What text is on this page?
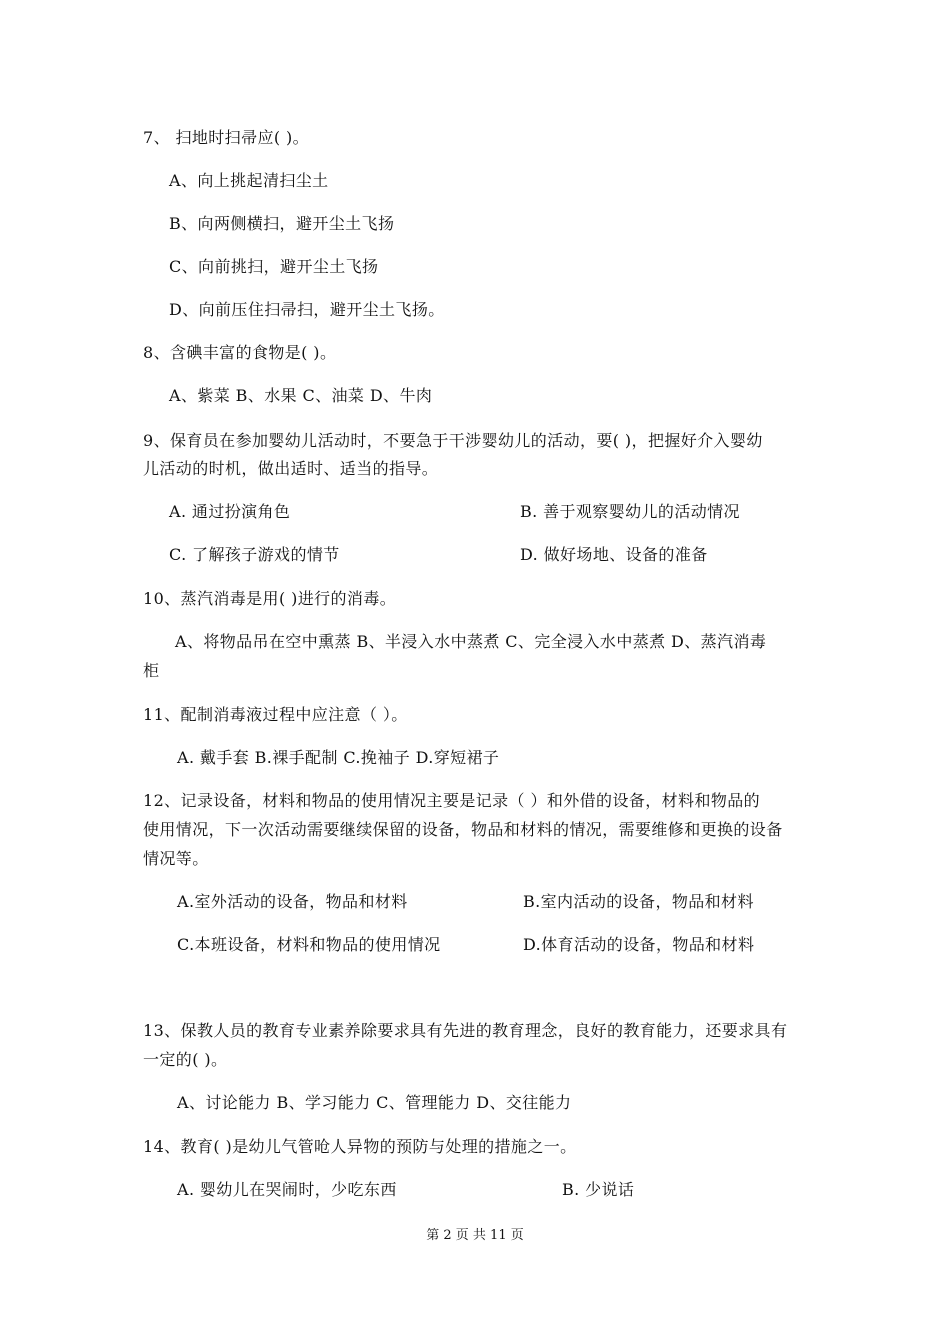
7、 扫地时扫帚应( )。
A、向上挑起清扫尘土
B、向两侧横扫，避开尘土飞扬
C、向前挑扫，避开尘土飞扬
D、向前压住扫帚扫，避开尘土飞扬。
8、含碘丰富的食物是( )。
A、紫菜 B、水果 C、油菜 D、牛肉
9、保育员在参加婴幼儿活动时，不要急于干涉婴幼儿的活动，要( )，把握好介入婴幼
儿活动的时机，做出适时、适当的指导。
A. 通过扮演角色	B. 善于观察婴幼儿的活动情况
C. 了解孩子游戏的情节	D. 做好场地、设备的准备
10、蒸汽消毒是用( )进行的消毒。
A、将物品吊在空中熏蒸 B、半浸入水中蒸煮 C、完全浸入水中蒸煮 D、蒸汽消毒
柜
11、配制消毒液过程中应注意（ ）。
A. 戴手套 B.裸手配制 C.挽袖子 D.穿短裙子
12、记录设备，材料和物品的使用情况主要是记录（ ）和外借的设备，材料和物品的
使用情况，下一次活动需要继续保留的设备，物品和材料的情况，需要维修和更换的设备
情况等。
A.室外活动的设备，物品和材料	B.室内活动的设备，物品和材料
C.本班设备，材料和物品的使用情况	D.体育活动的设备，物品和材料
13、保教人员的教育专业素养除要求具有先进的教育理念，良好的教育能力，还要求具有
一定的( )。
A、讨论能力 B、学习能力 C、管理能力 D、交往能力
14、教育( )是幼儿气管呛人异物的预防与处理的措施之一。
A. 婴幼儿在哭闹时，少吃东西	B. 少说话
第 2 页 共 11 页
